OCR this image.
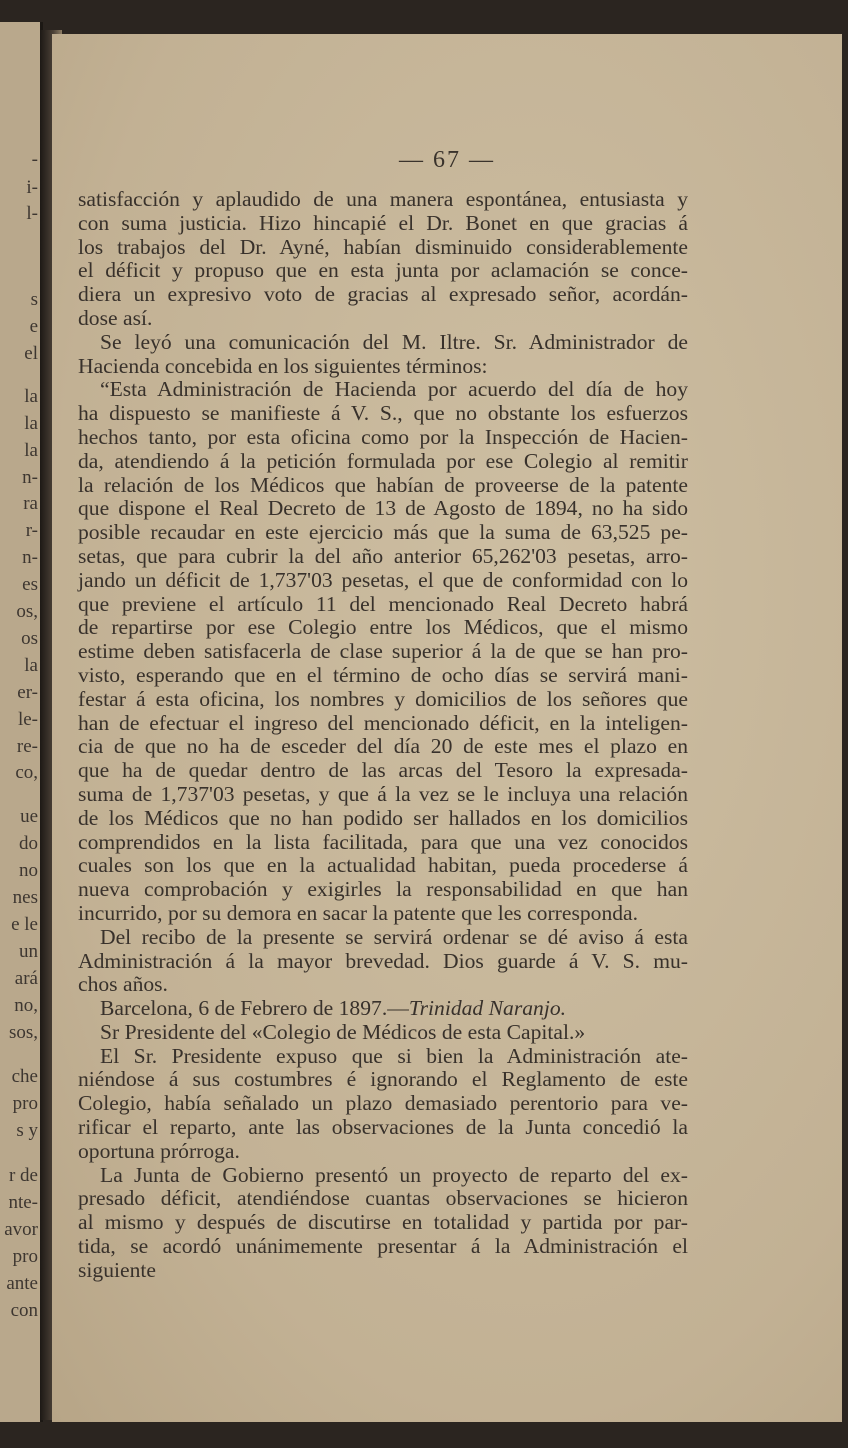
-
i-
l-
s
e
el
la
la
la
n-
ra
r-
n-
es
os,
os
la
er-
le-
re-
co,
ue
do
no
nes
e le
un
ará
no,
sos,
che
pro
s y
r de
nte-
avor
pro
ante
con
— 67 —
satisfacción y aplaudido de una manera espontánea, entusiasta y
con suma justicia. Hizo hincapié el Dr. Bonet en que gracias á
los trabajos del Dr. Ayné, habían disminuido considerablemente
el déficit y propuso que en esta junta por aclamación se conce-
diera un expresivo voto de gracias al expresado señor, acordán-
dose así.
Se leyó una comunicación del M. Iltre. Sr. Administrador de
Hacienda concebida en los siguientes términos:
“Esta Administración de Hacienda por acuerdo del día de hoy
ha dispuesto se manifieste á V. S., que no obstante los esfuerzos
hechos tanto, por esta oficina como por la Inspección de Hacien-
da, atendiendo á la petición formulada por ese Colegio al remitir
la relación de los Médicos que habían de proveerse de la patente
que dispone el Real Decreto de 13 de Agosto de 1894, no ha sido
posible recaudar en este ejercicio más que la suma de 63,525 pe-
setas, que para cubrir la del año anterior 65,262'03 pesetas, arro-
jando un déficit de 1,737'03 pesetas, el que de conformidad con lo
que previene el artículo 11 del mencionado Real Decreto habrá
de repartirse por ese Colegio entre los Médicos, que el mismo
estime deben satisfacerla de clase superior á la de que se han pro-
visto, esperando que en el término de ocho días se servirá mani-
festar á esta oficina, los nombres y domicilios de los señores que
han de efectuar el ingreso del mencionado déficit, en la inteligen-
cia de que no ha de esceder del día 20 de este mes el plazo en
que ha de quedar dentro de las arcas del Tesoro la expresada-
suma de 1,737'03 pesetas, y que á la vez se le incluya una relación
de los Médicos que no han podido ser hallados en los domicilios
comprendidos en la lista facilitada, para que una vez conocidos
cuales son los que en la actualidad habitan, pueda procederse á
nueva comprobación y exigirles la responsabilidad en que han
incurrido, por su demora en sacar la patente que les corresponda.
Del recibo de la presente se servirá ordenar se dé aviso á esta
Administración á la mayor brevedad. Dios guarde á V. S. mu-
chos años.
Barcelona, 6 de Febrero de 1897.—Trinidad Naranjo.
Sr Presidente del «Colegio de Médicos de esta Capital.»
El Sr. Presidente expuso que si bien la Administración ate-
niéndose á sus costumbres é ignorando el Reglamento de este
Colegio, había señalado un plazo demasiado perentorio para ve-
rificar el reparto, ante las observaciones de la Junta concedió la
oportuna prórroga.
La Junta de Gobierno presentó un proyecto de reparto del ex-
presado déficit, atendiéndose cuantas observaciones se hicieron
al mismo y después de discutirse en totalidad y partida por par-
tida, se acordó unánimemente presentar á la Administración el
siguiente
